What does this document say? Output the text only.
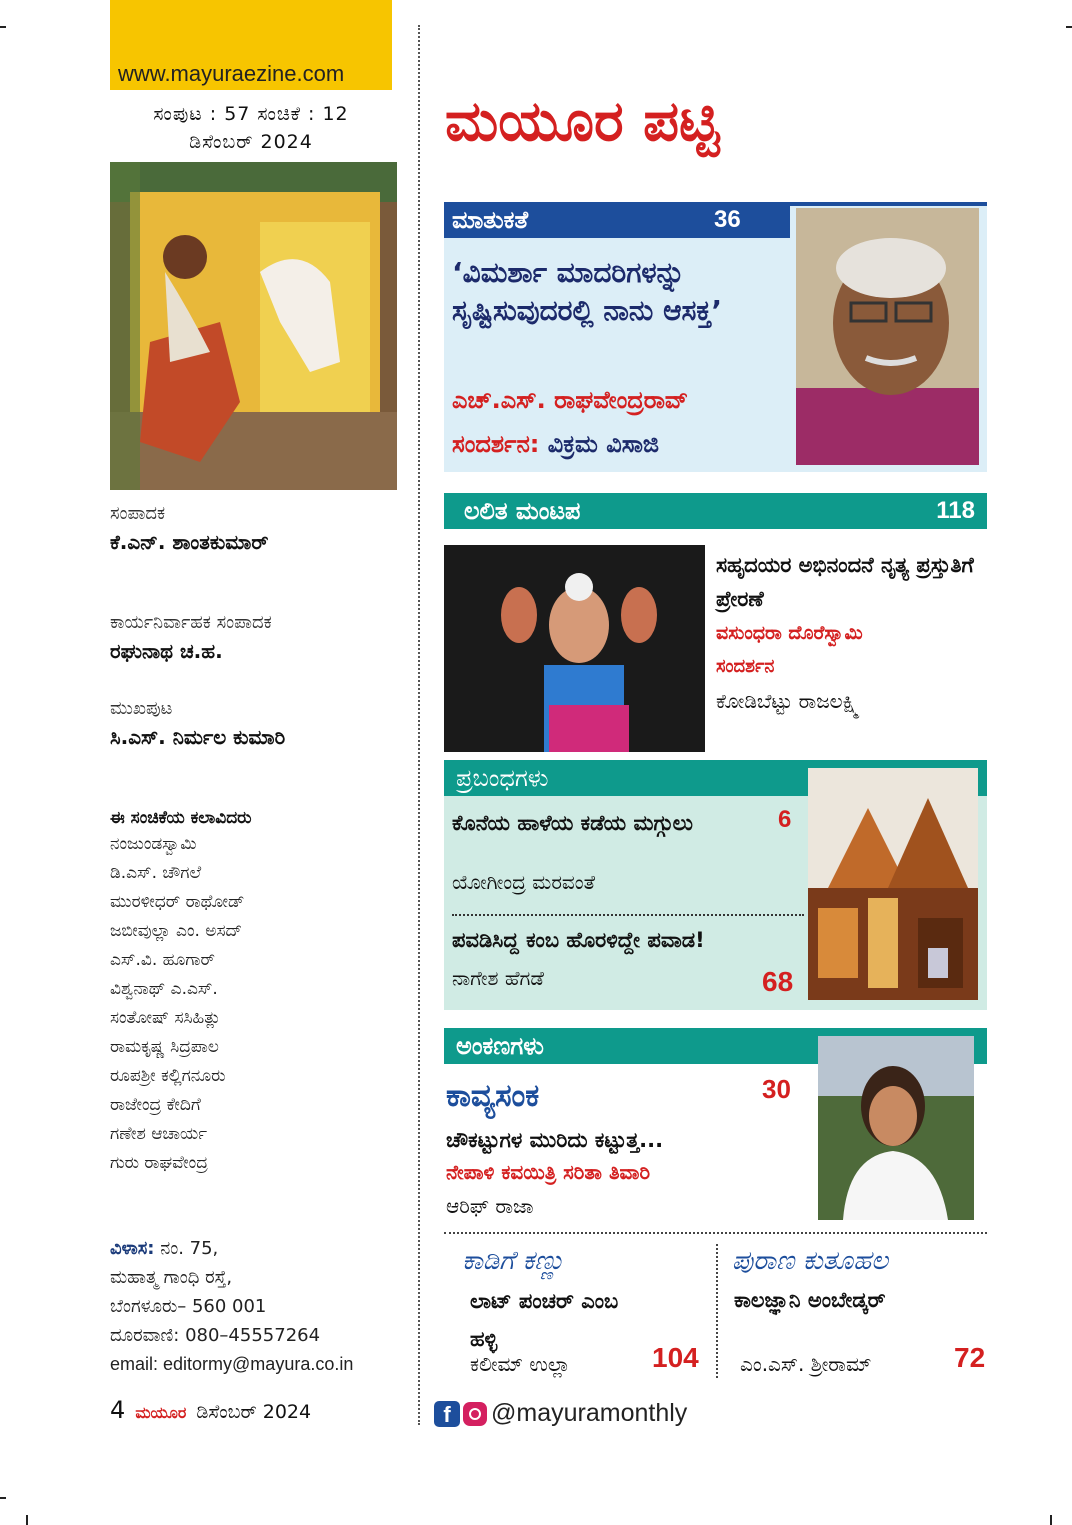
www.mayuraezine.com
ಸಂಪುಟ : 57 ಸಂಚಿಕೆ : 12
ಡಿಸೆಂಬರ್ 2024
ಸಂಪಾದಕ
ಕೆ.ಎನ್. ಶಾಂತಕುಮಾರ್
ಕಾರ್ಯನಿರ್ವಾಹಕ ಸಂಪಾದಕ
ರಘುನಾಥ ಚ.ಹ.
ಮುಖಪುಟ
ಸಿ.ಎಸ್. ನಿರ್ಮಲ ಕುಮಾರಿ
ಈ ಸಂಚಿಕೆಯ ಕಲಾವಿದರು
ನಂಜುಂಡಸ್ವಾಮಿ
ಡಿ.ಎಸ್. ಚೌಗಲೆ
ಮುರಳೀಧರ್ ರಾಥೋಡ್
ಜಬೀವುಲ್ಲಾ ಎಂ. ಅಸದ್
ಎಸ್.ವಿ. ಹೂಗಾರ್
ವಿಶ್ವನಾಥ್ ಎ.ಎಸ್.
ಸಂತೋಷ್ ಸಸಿಹಿತ್ಲು
ರಾಮಕೃಷ್ಣ ಸಿದ್ರಪಾಲ
ರೂಪಶ್ರೀ ಕಲ್ಲಿಗನೂರು
ರಾಜೇಂದ್ರ ಕೇದಿಗೆ
ಗಣೇಶ ಆಚಾರ್ಯ
ಗುರು ರಾಘವೇಂದ್ರ
ವಿಳಾಸ: ನಂ. 75,
ಮಹಾತ್ಮ ಗಾಂಧಿ ರಸ್ತೆ,
ಬೆಂಗಳೂರು– 560 001
ದೂರವಾಣಿ: 080–45557264
email: editormy@mayura.co.in
4 ಮಯೂರ ಡಿಸೆಂಬರ್ 2024
ಮಯೂರ ಪಟ್ಟಿ
ಮಾತುಕತೆ	36
‘ವಿಮರ್ಶಾ ಮಾದರಿಗಳನ್ನು ಸೃಷ್ಟಿಸುವುದರಲ್ಲಿ ನಾನು ಆಸಕ್ತ’
ಎಚ್.ಎಸ್. ರಾಘವೇಂದ್ರರಾವ್
ಸಂದರ್ಶನ: ವಿಕ್ರಮ ವಿಸಾಜಿ
ಲಲಿತ ಮಂಟಪ	118
ಸಹೃದಯರ ಅಭಿನಂದನೆ ನೃತ್ಯ ಪ್ರಸ್ತುತಿಗೆ ಪ್ರೇರಣೆ
ವಸುಂಧರಾ ದೊರೆಸ್ವಾಮಿ
ಸಂದರ್ಶನ
ಕೋಡಿಬೆಟ್ಟು ರಾಜಲಕ್ಷ್ಮಿ
ಪ್ರಬಂಧಗಳು
ಕೊನೆಯ ಹಾಳೆಯ ಕಡೆಯ ಮಗ್ಗುಲು	6
ಯೋಗೀಂದ್ರ ಮರವಂತೆ
ಪವಡಿಸಿದ್ದ ಕಂಬ ಹೊರಳಿದ್ದೇ ಪವಾಡ!
ನಾಗೇಶ ಹೆಗಡೆ	68
ಅಂಕಣಗಳು
ಕಾವ್ಯಸಂಕ	30
ಚೌಕಟ್ಟುಗಳ ಮುರಿದು ಕಟ್ಟುತ್ತ...
ನೇಪಾಳಿ ಕವಯಿತ್ರಿ ಸರಿತಾ ತಿವಾರಿ
ಆರಿಫ್ ರಾಜಾ
ಕಾಡಿಗೆ ಕಣ್ಣು
ಲಾಟ್ ಪಂಚರ್ ಎಂಬ ಹಳ್ಳಿ
ಕಲೀಮ್ ಉಲ್ಲಾ	104
ಪುರಾಣ ಕುತೂಹಲ
ಕಾಲಜ್ಞಾನಿ ಅಂಬೇಡ್ಕರ್
ಎಂ.ಎಸ್. ಶ್ರೀರಾಮ್	72
f	@mayuramonthly
